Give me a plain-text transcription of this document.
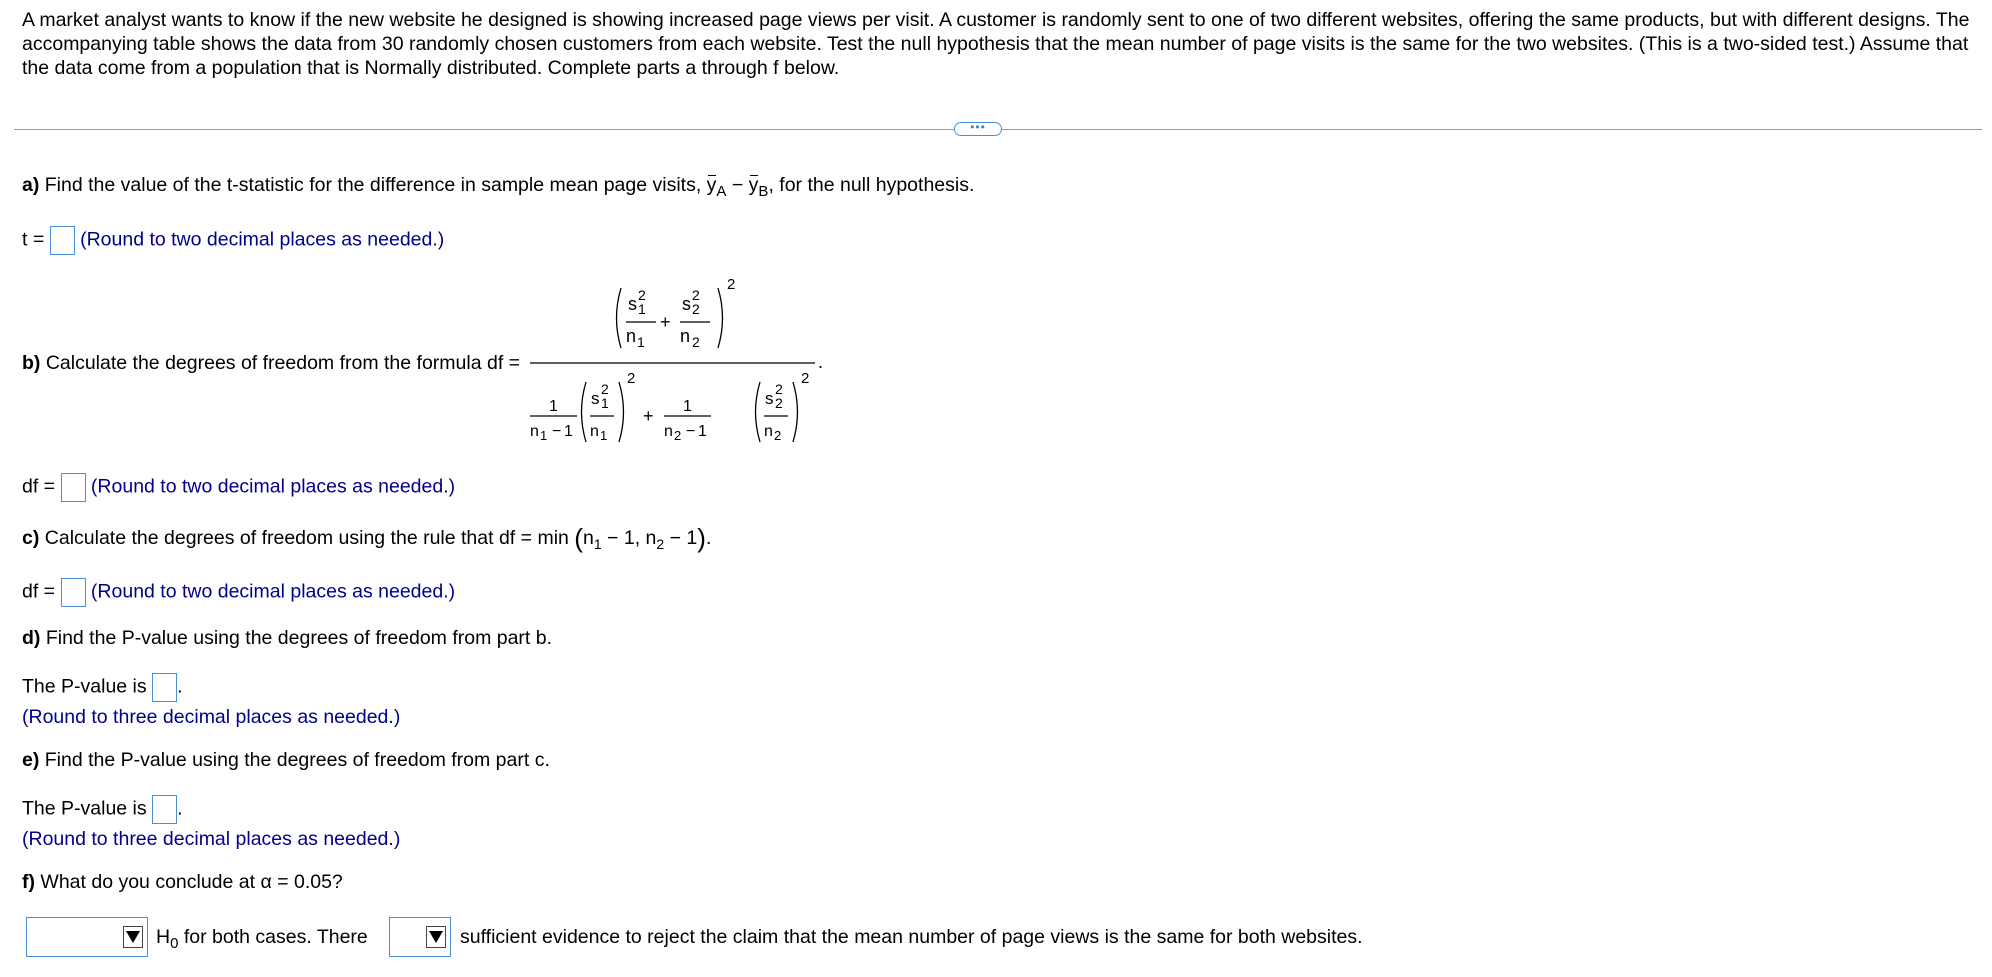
A market analyst wants to know if the new website he designed is showing increased page views per visit. A customer is randomly sent to one of two different websites, offering the same products, but with different designs. The accompanying table shows the data from 30 randomly chosen customers from each website. Test the null hypothesis that the mean number of page visits is the same for the two websites. (This is a two-sided test.) Assume that the data come from a population that is Normally distributed. Complete parts a through f below.
•••
a) Find the value of the t-statistic for the difference in sample mean page visits, $y_A - y_B$, for the null hypothesis.
t = (Round to two decimal places as needed.)
b) Calculate the degrees of freedom from the formula df =
s 2
1
n 1
+
s 2
2
n 2
2
.
1
n 1 − 1
s 2
1
n 1
2
+ 1
n 2 − 1
s 2
2
n 2
2
df = (Round to two decimal places as needed.)
c) Calculate the degrees of freedom using the rule that df = $\min (n_1 - 1$, $n_2 - 1$).
df = (Round to two decimal places as needed.)
d) Find the P-value using the degrees of freedom from part b.
The P-value is .
(Round to three decimal places as needed.)
e) Find the P-value using the degrees of freedom from part c.
The P-value is .
(Round to three decimal places as needed.)
f) What do you conclude at α = 0.05?
$H_0$ for both cases. There	sufficient evidence to reject the claim that the mean number of page views is the same for both websites.
